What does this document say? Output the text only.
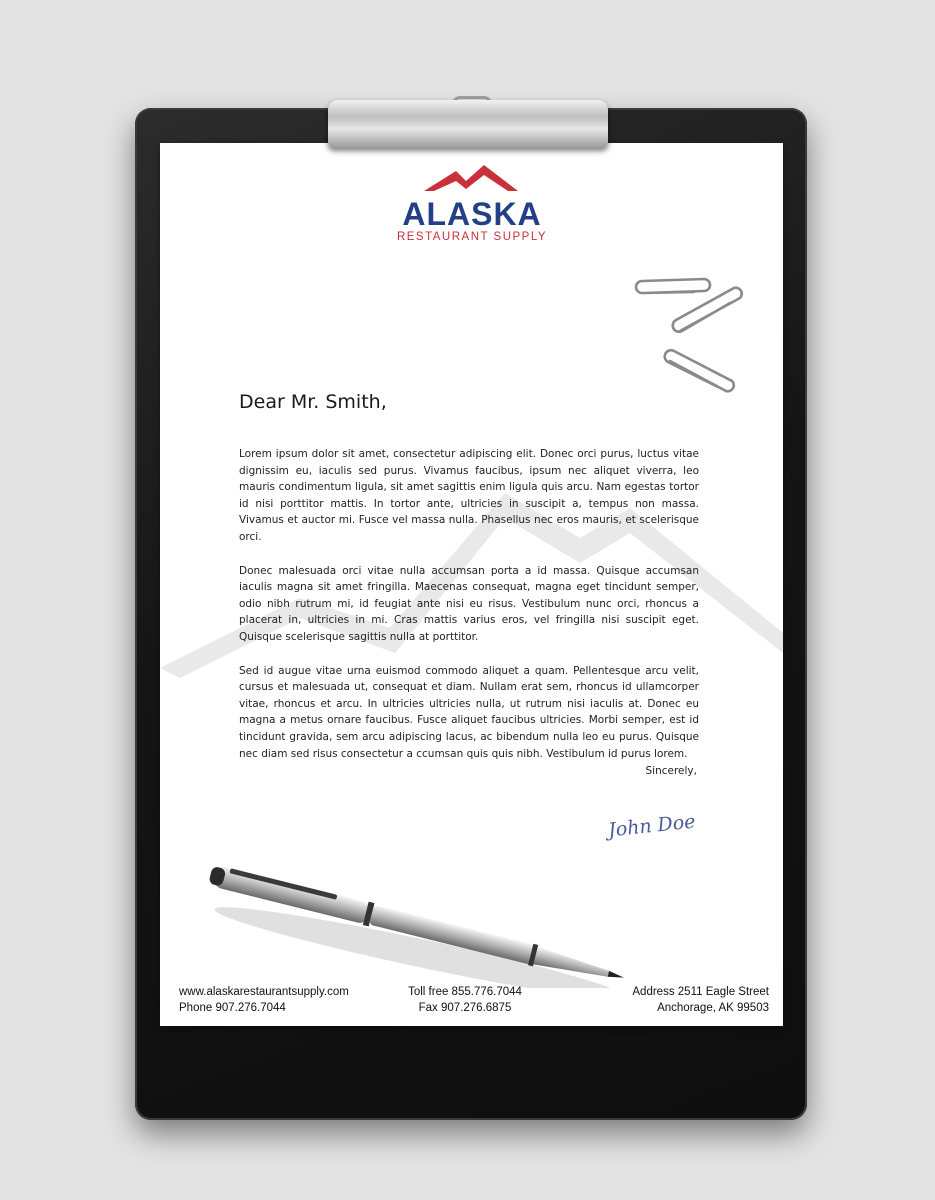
ALASKA
RESTAURANT SUPPLY
Dear Mr. Smith,

Lorem ipsum dolor sit amet, consectetur adipiscing elit. Donec orci purus, luctus vitae dignissim eu, iaculis sed purus. Vivamus faucibus, ipsum nec aliquet viverra, leo mauris condimentum ligula, sit amet sagittis enim ligula quis arcu. Nam egestas tortor id nisi porttitor mattis. In tortor ante, ultricies in suscipit a, tempus non massa. Vivamus et auctor mi. Fusce vel massa nulla. Phasellus nec eros mauris, et scelerisque orci.

Donec malesuada orci vitae nulla accumsan porta a id massa. Quisque accumsan iaculis magna sit amet fringilla. Maecenas consequat, magna eget tincidunt semper, odio nibh rutrum mi, id feugiat ante nisi eu risus. Vestibulum nunc orci, rhoncus a placerat in, ultricies in mi. Cras mattis varius eros, vel fringilla nisi suscipit eget. Quisque scelerisque sagittis nulla at porttitor.

Sed id augue vitae urna euismod commodo aliquet a quam. Pellentesque arcu velit, cursus et malesuada ut, consequat et diam. Nullam erat sem, rhoncus id ullamcorper vitae, rhoncus et arcu. In ultricies ultricies nulla, ut rutrum nisi iaculis at. Donec eu magna a metus ornare faucibus. Fusce aliquet faucibus ultricies. Morbi semper, est id tincidunt gravida, sem arcu adipiscing lacus, ac bibendum nulla leo eu purus. Quisque nec diam sed risus consectetur a ccumsan quis quis nibh. Vestibulum id purus lorem.

Sincerely,
John Doe
www.alaskarestaurantsupply.com
Phone 907.276.7044
Toll free 855.776.7044
Fax 907.276.6875
Address 2511 Eagle Street
Anchorage, AK 99503
